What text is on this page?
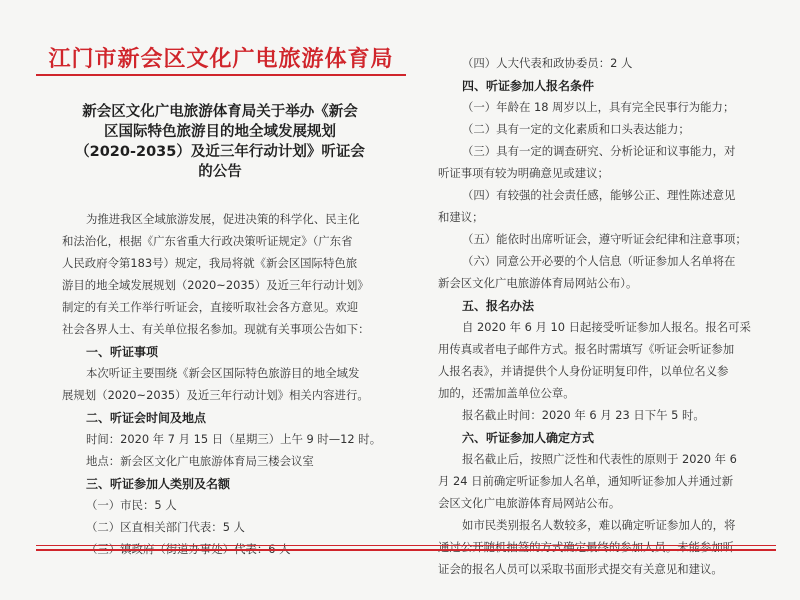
江门市新会区文化广电旅游体育局
新会区文化广电旅游体育局关于举办《新会
区国际特色旅游目的地全域发展规划
（2020-2035）及近三年行动计划》听证会
的公告
为推进我区全域旅游发展，促进决策的科学化、民主化
和法治化，根据《广东省重大行政决策听证规定》（广东省
人民政府令第183号）规定，我局将就《新会区国际特色旅
游目的地全域发展规划（2020~2035）及近三年行动计划》
制定的有关工作举行听证会，直接听取社会各方意见。欢迎
社会各界人士、有关单位报名参加。现就有关事项公告如下：
一、听证事项
本次听证主要围绕《新会区国际特色旅游目的地全域发
展规划（2020~2035）及近三年行动计划》相关内容进行。
二、听证会时间及地点
时间：2020 年 7 月 15 日（星期三）上午 9 时—12 时。
地点：新会区文化广电旅游体育局三楼会议室
三、听证参加人类别及名额
（一）市民：5 人
（二）区直相关部门代表：5 人
（三）镇政府（街道办事处）代表：6 人
（四）人大代表和政协委员：2 人
四、听证参加人报名条件
（一）年龄在 18 周岁以上，具有完全民事行为能力；
（二）具有一定的文化素质和口头表达能力；
（三）具有一定的调查研究、分析论证和议事能力，对
听证事项有较为明确意见或建议；
（四）有较强的社会责任感，能够公正、理性陈述意见
和建议；
（五）能依时出席听证会，遵守听证会纪律和注意事项；
（六）同意公开必要的个人信息（听证参加人名单将在
新会区文化广电旅游体育局网站公布）。
五、报名办法
自 2020 年 6 月 10 日起接受听证参加人报名。报名可采
用传真或者电子邮件方式。报名时需填写《听证会听证参加
人报名表》，并请提供个人身份证明复印件，以单位名义参
加的，还需加盖单位公章。
报名截止时间：2020 年 6 月 23 日下午 5 时。
六、听证参加人确定方式
报名截止后，按照广泛性和代表性的原则于 2020 年 6
月 24 日前确定听证参加人名单，通知听证参加人并通过新
会区文化广电旅游体育局网站公布。
如市民类别报名人数较多，难以确定听证参加人的，将
通过公开随机抽签的方式确定最终的参加人员。未能参加听
证会的报名人员可以采取书面形式提交有关意见和建议。
